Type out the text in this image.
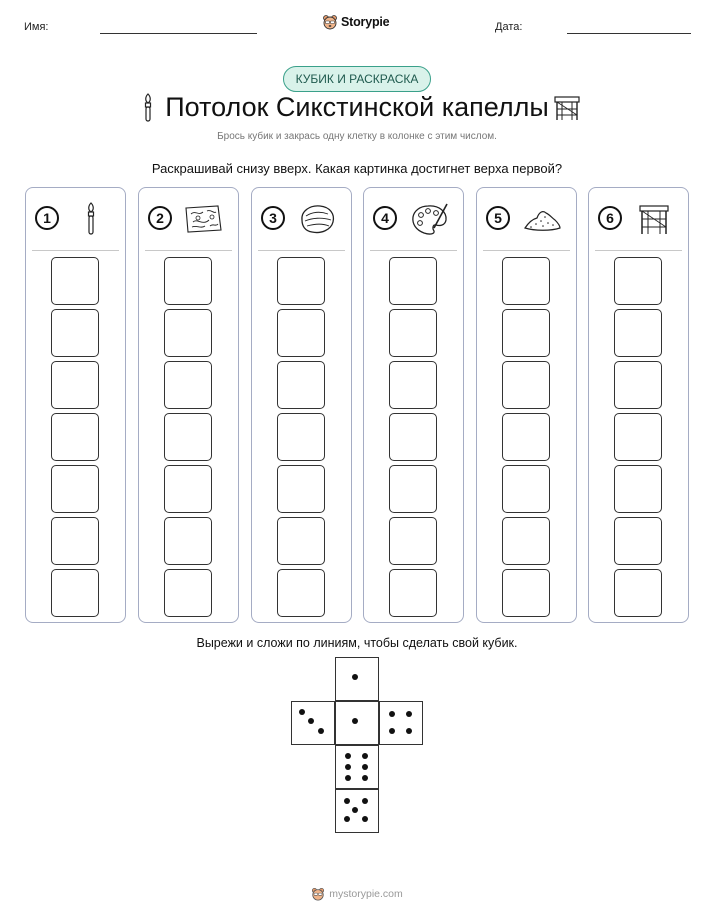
Имя:	Storypie	Дата:
КУБИК И РАСКРАСКА
Потолок Сикстинской капеллы
Брось кубик и закрась одну клетку в колонке с этим числом.
Раскрашивай снизу вверх. Какая картинка достигнет верха первой?
1	2	3	4	5	6
Вырежи и сложи по линиям, чтобы сделать свой кубик.
mystorypie.com
